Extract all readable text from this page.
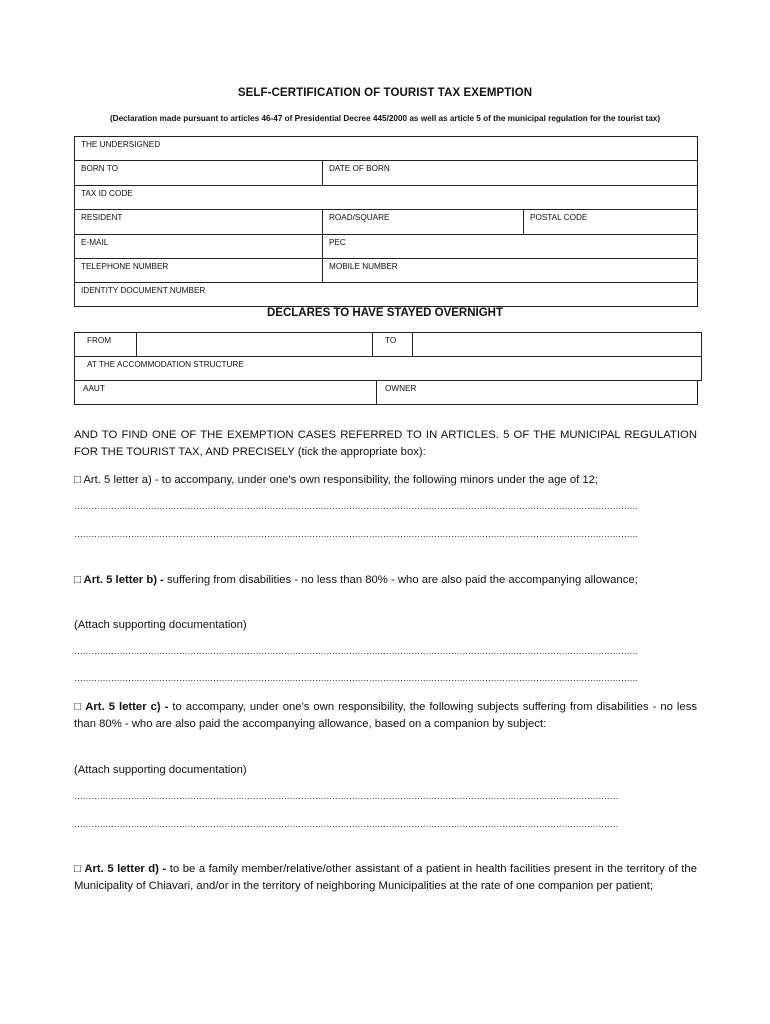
SELF-CERTIFICATION OF TOURIST TAX EXEMPTION
(Declaration made pursuant to articles 46-47 of Presidential Decree 445/2000 as well as article 5 of the municipal regulation for the tourist tax)
THE UNDERSIGNED		
BORN TO	DATE OF BORN	
TAX ID CODE		
RESIDENT	ROAD/SQUARE	POSTAL CODE
E-MAIL	PEC	
TELEPHONE NUMBER	MOBILE NUMBER	
IDENTITY DOCUMENT NUMBER		
DECLARES TO HAVE STAYED OVERNIGHT
FROM		TO	
AT THE ACCOMMODATION STRUCTURE
AAUT	OWNER
AND TO FIND ONE OF THE EXEMPTION CASES REFERRED TO IN ARTICLES. 5 OF THE MUNICIPAL REGULATION FOR THE TOURIST TAX, AND PRECISELY (tick the appropriate box):
□ Art. 5 letter a) - to accompany, under one's own responsibility, the following minors under the age of 12;
……………………………………………………………………………………………………………………………………………………………………………….
……………………………………………………………………………………………………………………………………………………………………………….
□ Art. 5 letter b) - suffering from disabilities - no less than 80% - who are also paid the accompanying allowance;
(Attach supporting documentation)
……………………………………………………………………………………………………………………………………………………………………………….
……………………………………………………………………………………………………………………………………………………………………………….
□ Art. 5 letter c) - to accompany, under one's own responsibility, the following subjects suffering from disabilities - no less than 80% - who are also paid the accompanying allowance, based on a companion by subject:
(Attach supporting documentation)
…………………………………………………………………………………………………………………………………………………………………………
…………………………………………………………………………………………………………………………………………………………………………
□ Art. 5 letter d) - to be a family member/relative/other assistant of a patient in health facilities present in the territory of the Municipality of Chiavari, and/or in the territory of neighboring Municipalities at the rate of one companion per patient;
